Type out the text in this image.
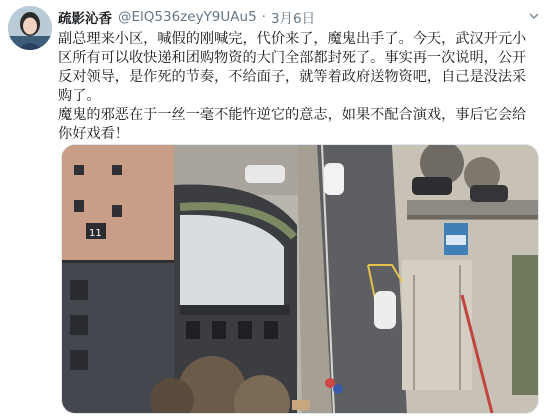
疏影沁香 @ElQ536zeyY9UAu5 · 3月6日

副总理来小区，喊假的刚喊完，代价来了，魔鬼出手了。今天，武汉开元小区所有可以收快递和团购物资的大门全部都封死了。事实再一次说明，公开反对领导，是作死的节奏，不给面子，就等着政府送物资吧，自己是没法采购了。

魔鬼的邪恶在于一丝一毫不能忤逆它的意志，如果不配合演戏，事后它会给你好戏看！

11
